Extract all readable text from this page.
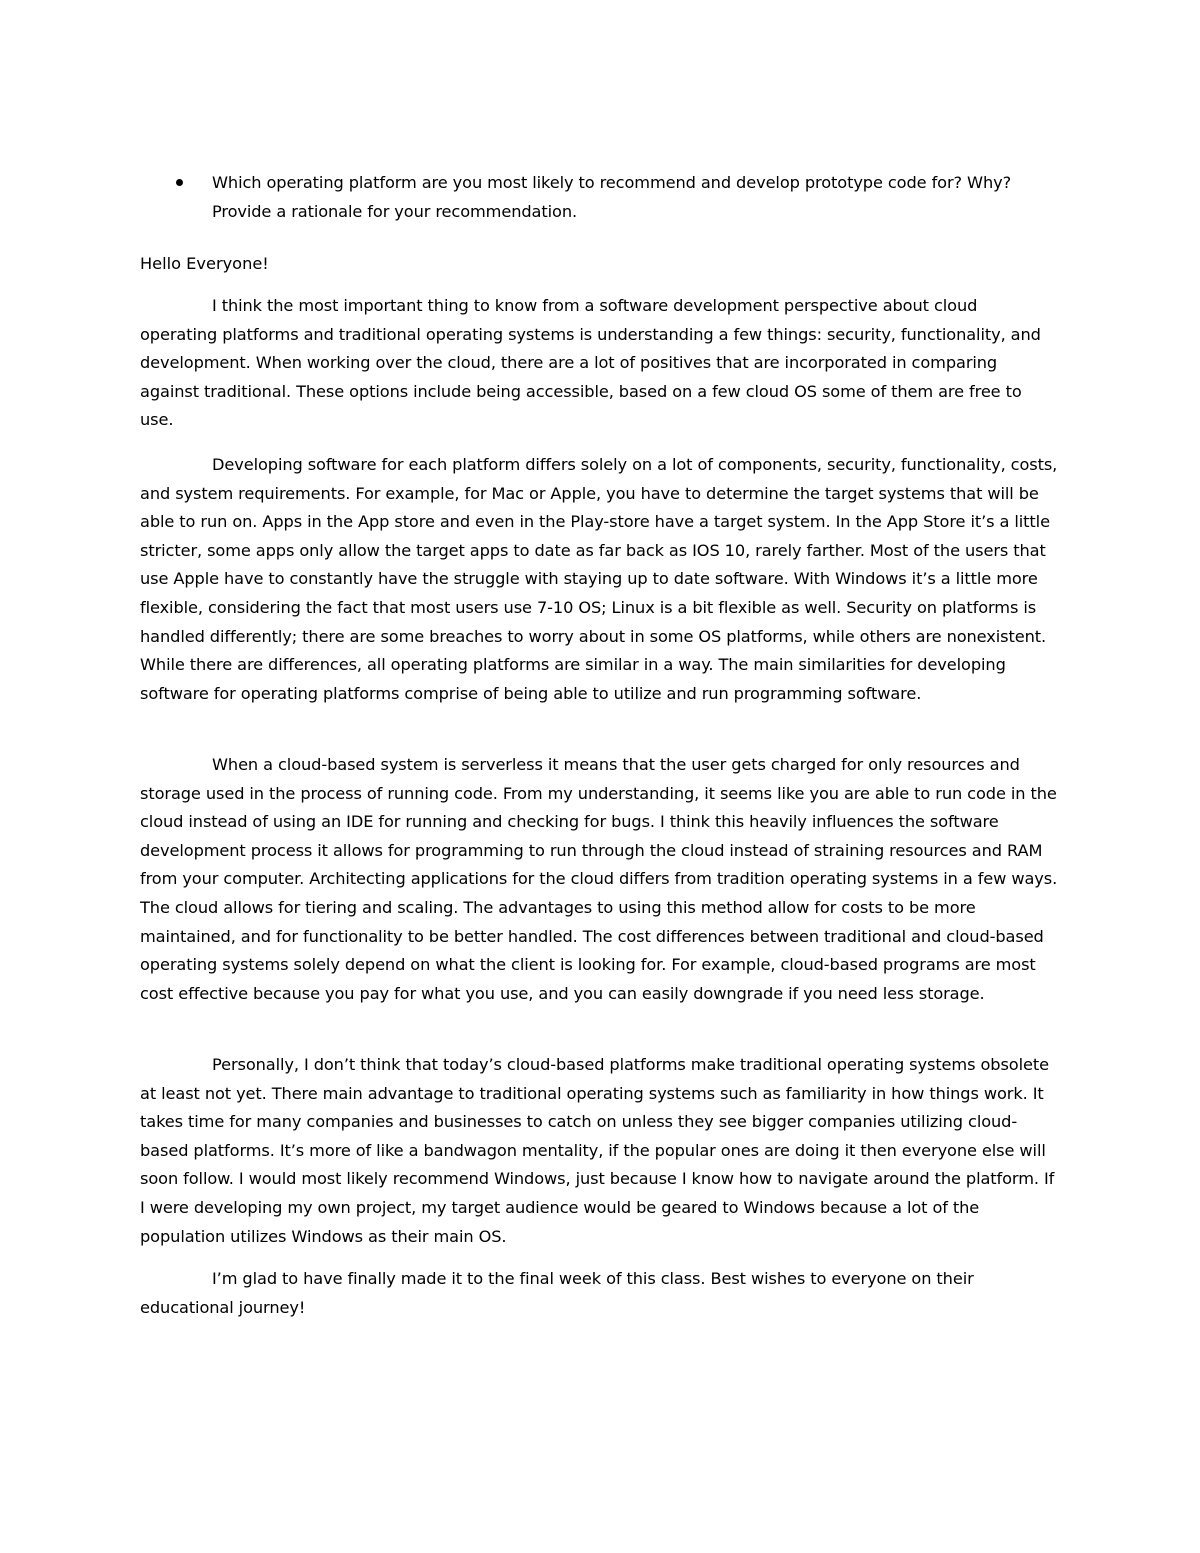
Which operating platform are you most likely to recommend and develop prototype code for? Why? Provide a rationale for your recommendation.

Hello Everyone!

I think the most important thing to know from a software development perspective about cloud operating platforms and traditional operating systems is understanding a few things: security, functionality, and development. When working over the cloud, there are a lot of positives that are incorporated in comparing against traditional. These options include being accessible, based on a few cloud OS some of them are free to use.

Developing software for each platform differs solely on a lot of components, security, functionality, costs, and system requirements. For example, for Mac or Apple, you have to determine the target systems that will be able to run on. Apps in the App store and even in the Play-store have a target system. In the App Store it’s a little stricter, some apps only allow the target apps to date as far back as IOS 10, rarely farther. Most of the users that use Apple have to constantly have the struggle with staying up to date software. With Windows it’s a little more flexible, considering the fact that most users use 7-10 OS; Linux is a bit flexible as well. Security on platforms is handled differently; there are some breaches to worry about in some OS platforms, while others are nonexistent. While there are differences, all operating platforms are similar in a way. The main similarities for developing software for operating platforms comprise of being able to utilize and run programming software.

When a cloud-based system is serverless it means that the user gets charged for only resources and storage used in the process of running code. From my understanding, it seems like you are able to run code in the cloud instead of using an IDE for running and checking for bugs. I think this heavily influences the software development process it allows for programming to run through the cloud instead of straining resources and RAM from your computer. Architecting applications for the cloud differs from tradition operating systems in a few ways. The cloud allows for tiering and scaling. The advantages to using this method allow for costs to be more maintained, and for functionality to be better handled. The cost differences between traditional and cloud-based operating systems solely depend on what the client is looking for. For example, cloud-based programs are most cost effective because you pay for what you use, and you can easily downgrade if you need less storage.

Personally, I don’t think that today’s cloud-based platforms make traditional operating systems obsolete at least not yet. There main advantage to traditional operating systems such as familiarity in how things work. It takes time for many companies and businesses to catch on unless they see bigger companies utilizing cloud-based platforms. It’s more of like a bandwagon mentality, if the popular ones are doing it then everyone else will soon follow. I would most likely recommend Windows, just because I know how to navigate around the platform. If I were developing my own project, my target audience would be geared to Windows because a lot of the population utilizes Windows as their main OS.

I’m glad to have finally made it to the final week of this class. Best wishes to everyone on their educational journey!
